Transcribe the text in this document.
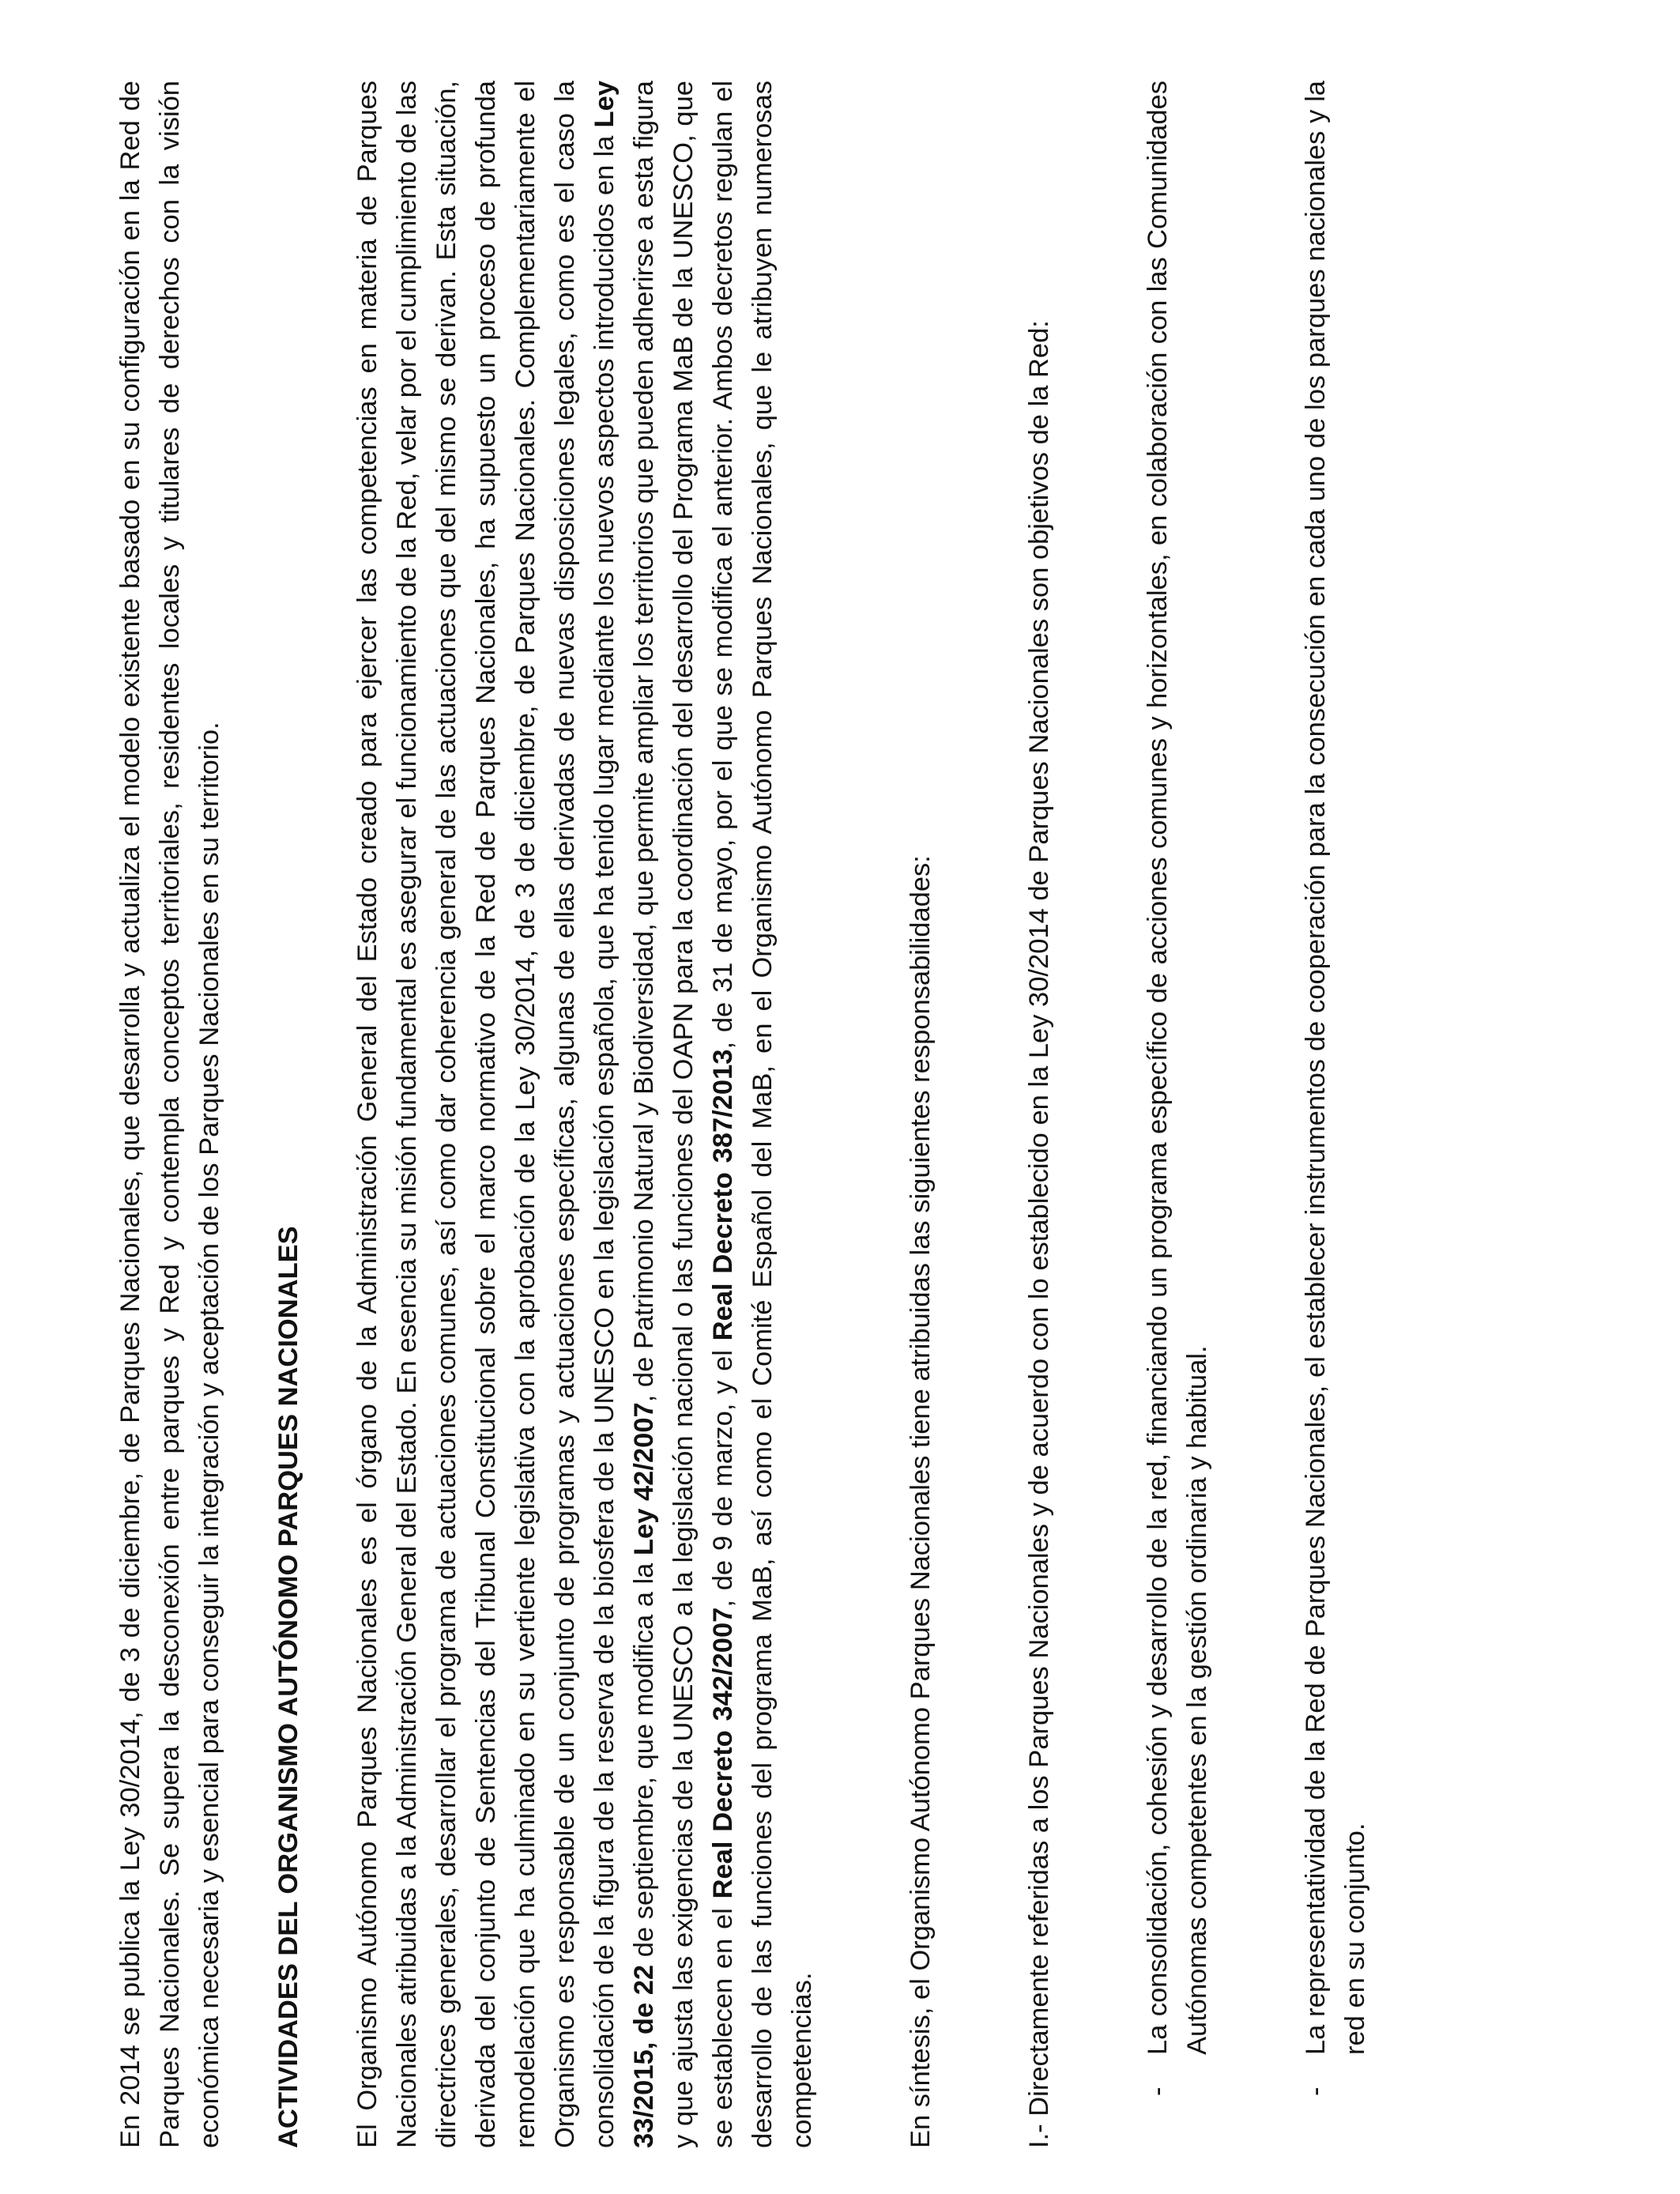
En 2014 se publica la Ley 30/2014, de 3 de diciembre, de Parques Nacionales, que desarrolla y actualiza el modelo existente basado en su configuración en la Red de Parques Nacionales. Se supera la desconexión entre parques y Red y contempla conceptos territoriales, residentes locales y titulares de derechos con la visión económica necesaria y esencial para conseguir la integración y aceptación de los Parques Nacionales en su territorio. ACTIVIDADES DEL ORGANISMO AUTÓNOMO PARQUES NACIONALES El Organismo Autónomo Parques Nacionales es el órgano de la Administración General del Estado creado para ejercer las competencias en materia de Parques Nacionales atribuidas a la Administración General del Estado. En esencia su misión fundamental es asegurar el funcionamiento de la Red, velar por el cumplimiento de las directrices generales, desarrollar el programa de actuaciones comunes, así como dar coherencia general de las actuaciones que del mismo se derivan. Esta situación, derivada del conjunto de Sentencias del Tribunal Constitucional sobre el marco normativo de la Red de Parques Nacionales, ha supuesto un proceso de profunda remodelación que ha culminado en su vertiente legislativa con la aprobación de la Ley 30/2014, de 3 de diciembre, de Parques Nacionales. Complementariamente el Organismo es responsable de un conjunto de programas y actuaciones específicas, algunas de ellas derivadas de nuevas disposiciones legales, como es el caso la consolidación de la figura de la reserva de la biosfera de la UNESCO en la legislación española, que ha tenido lugar mediante los nuevos aspectos introducidos en la Ley 33/2015, de 22 de septiembre, que modifica a la Ley 42/2007, de Patrimonio Natural y Biodiversidad, que permite ampliar los territorios que pueden adherirse a esta figura y que ajusta las exigencias de la UNESCO a la legislación nacional o las funciones del OAPN para la coordinación del desarrollo del Programa MaB de la UNESCO, que se establecen en el Real Decreto 342/2007, de 9 de marzo, y el Real Decreto 387/2013, de 31 de mayo, por el que se modifica el anterior. Ambos decretos regulan el desarrollo de las funciones del programa MaB, así como el Comité Español del MaB, en el Organismo Autónomo Parques Nacionales, que le atribuyen numerosas competencias.	En síntesis, el Organismo Autónomo Parques Nacionales tiene atribuidas las siguientes responsabilidades:	I.- Directamente referidas a los Parques Nacionales y de acuerdo con lo establecido en la Ley 30/2014 de Parques Nacionales son objetivos de la Red:	-
La consolidación, cohesión y desarrollo de la red, financiando un programa específico de acciones comunes y horizontales, en colaboración con las Comunidades Autónomas competentes en la gestión ordinaria y habitual.
-
La representatividad de la Red de Parques Nacionales, el establecer instrumentos de cooperación para la consecución en cada uno de los parques nacionales y la red en su conjunto.
